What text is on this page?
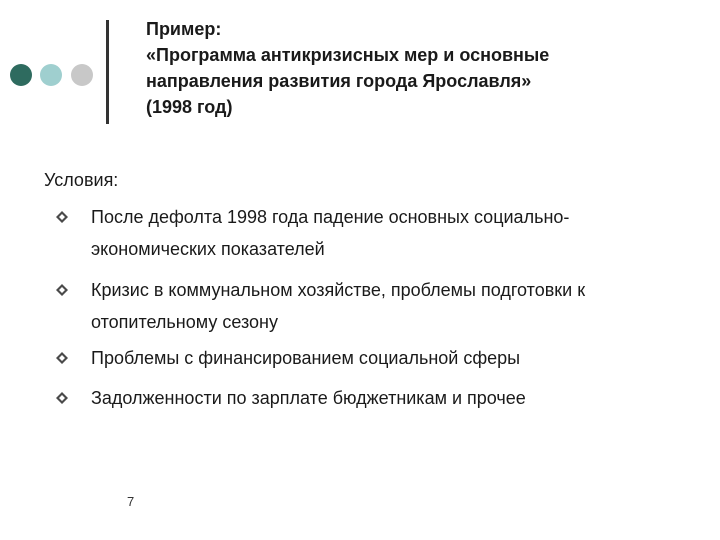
Пример:
«Программа антикризисных мер и основные
направления развития города Ярославля»
(1998 год)
Условия:
После дефолта 1998 года падение основных социально-
экономических показателей
Кризис в коммунальном хозяйстве, проблемы подготовки к
отопительному сезону
Проблемы с финансированием социальной сферы
Задолженности по зарплате бюджетникам и прочее
7
